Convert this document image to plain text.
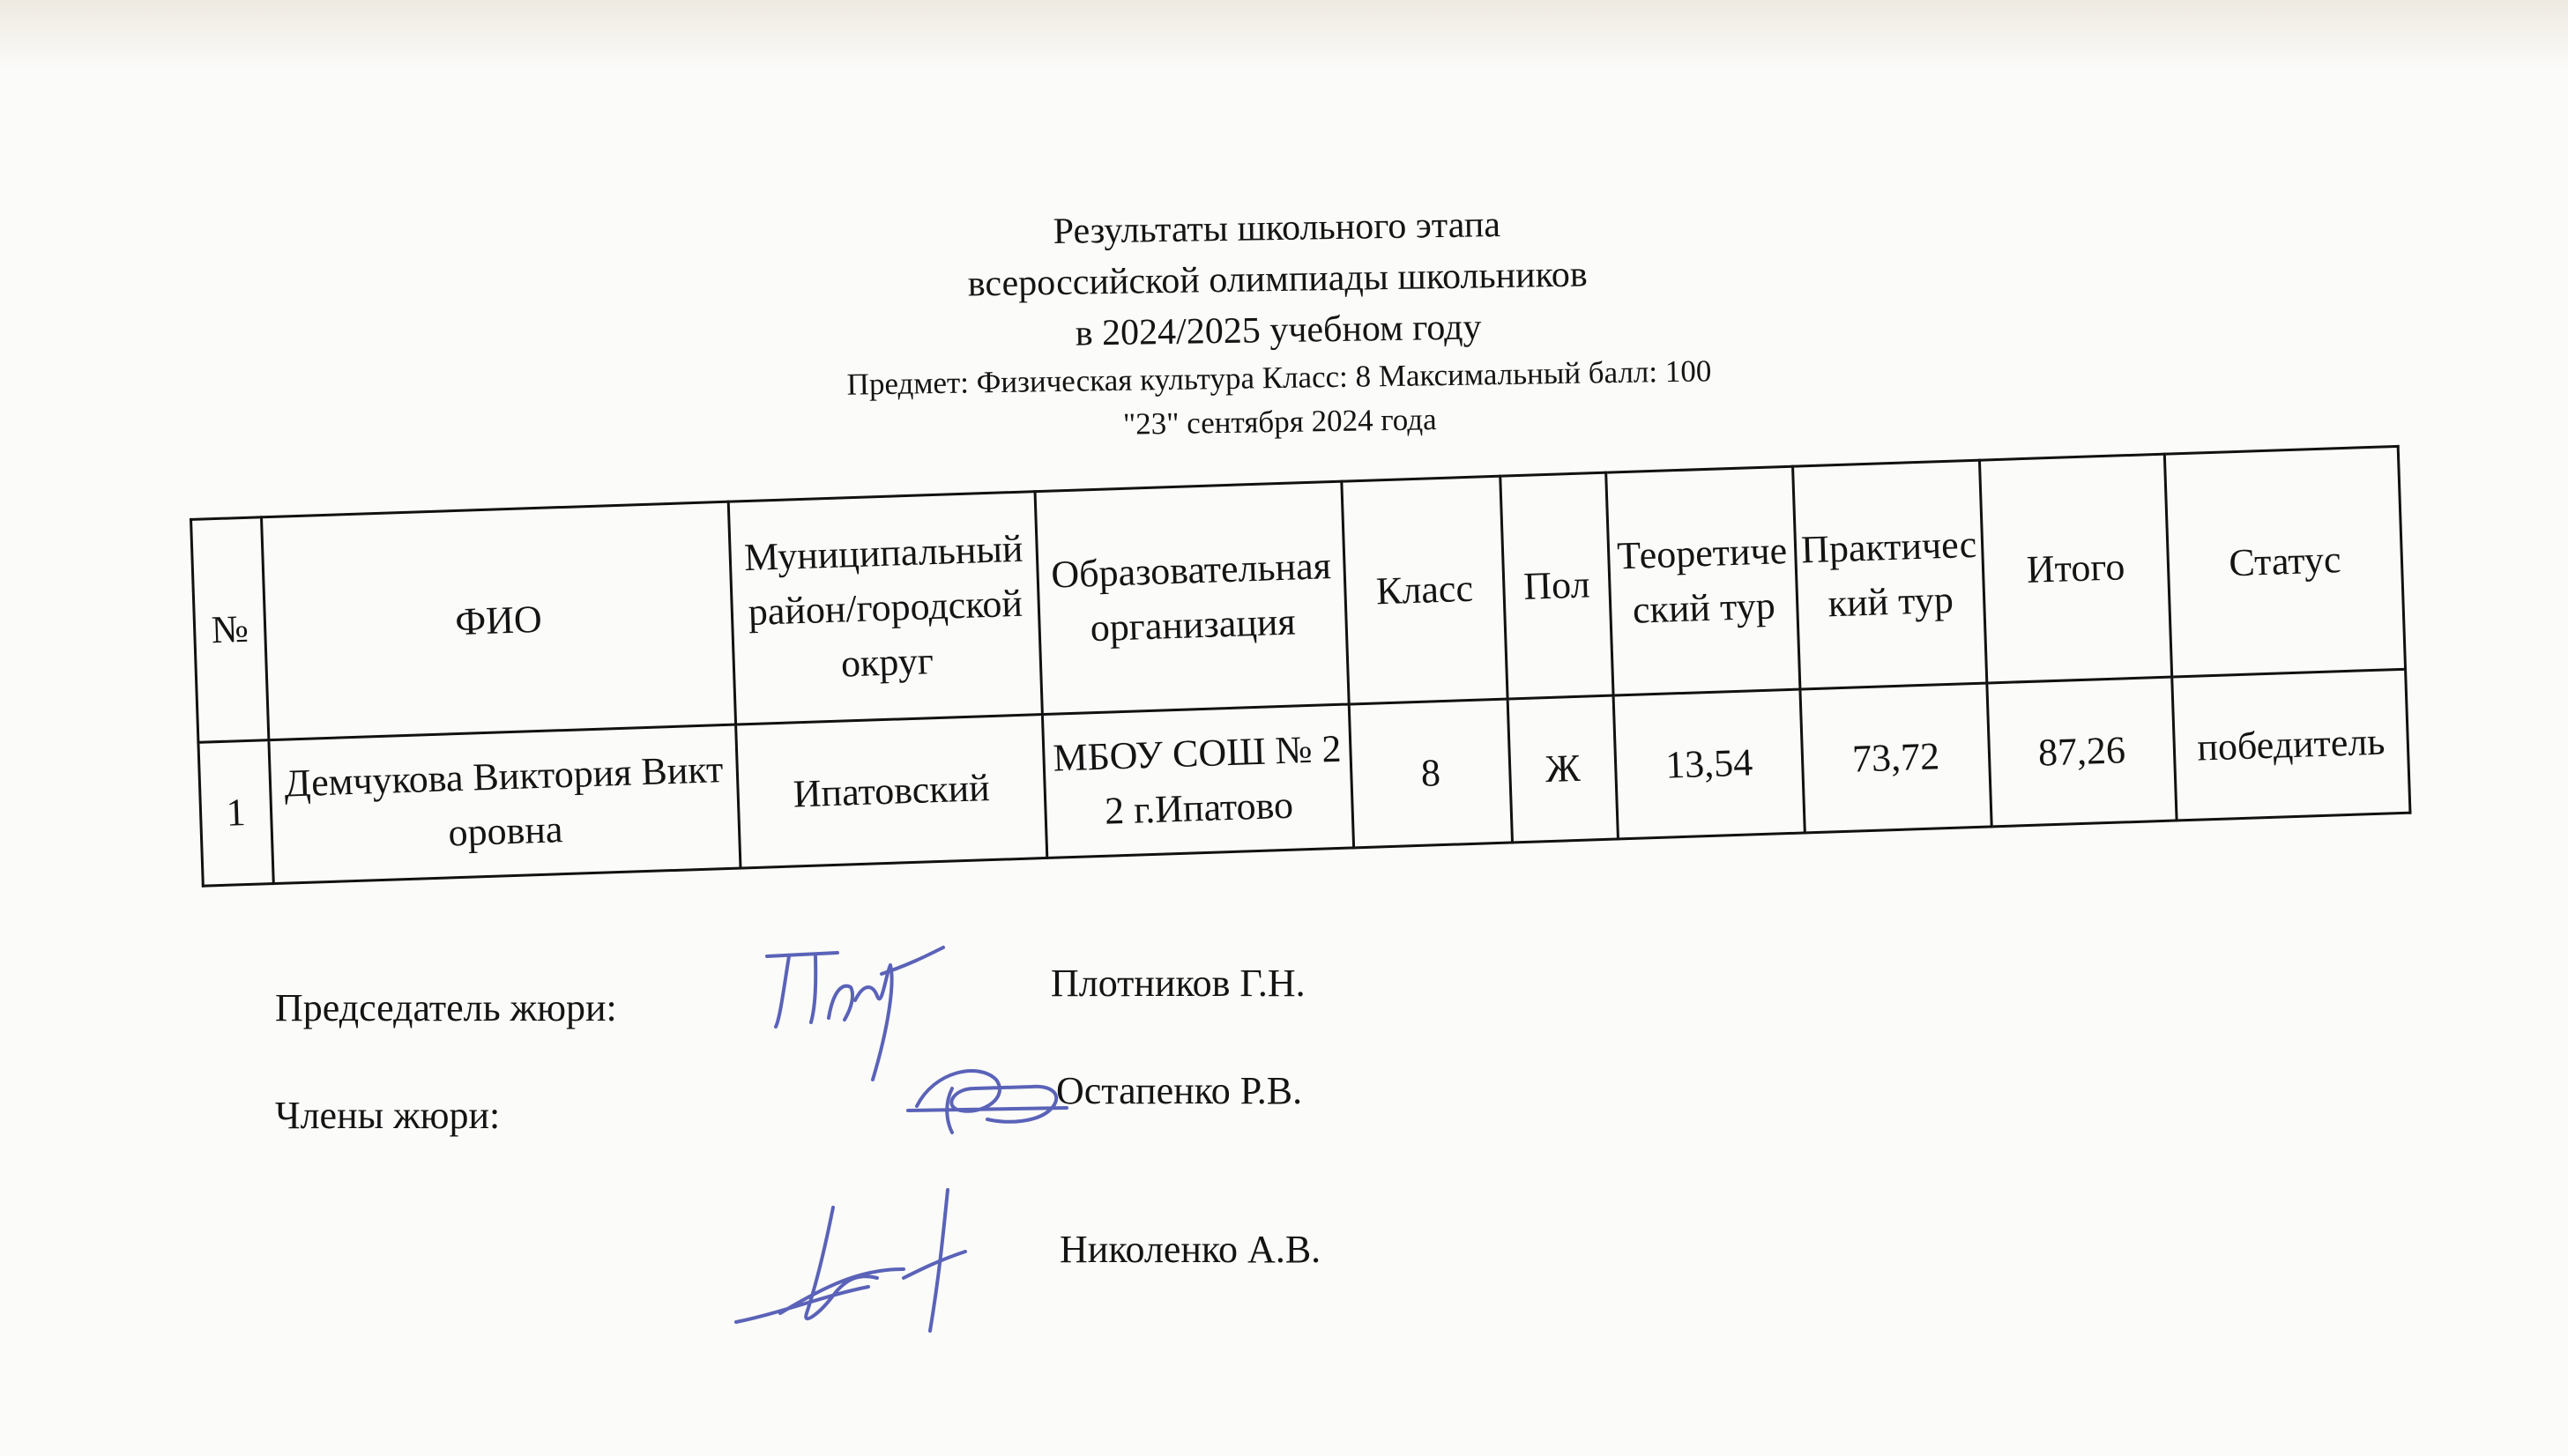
Результаты школьного этапа
всероссийской олимпиады школьников
в 2024/2025 учебном году
Предмет: Физическая культура Класс: 8 Максимальный балл: 100
"23" сентября 2024 года
№	ФИО	Муниципальный район/городской округ	Образовательная организация	Класс	Пол	Теоретический тур	Практический тур	Итого	Статус
1	Демчукова Виктория Викторовна	Ипатовский	МБОУ СОШ № 22 г.Ипатово	8	Ж	13,54	73,72	87,26	победитель
Председатель жюри:
Плотников Г.Н.
Члены жюри:
Остапенко Р.В.
Николенко А.В.
